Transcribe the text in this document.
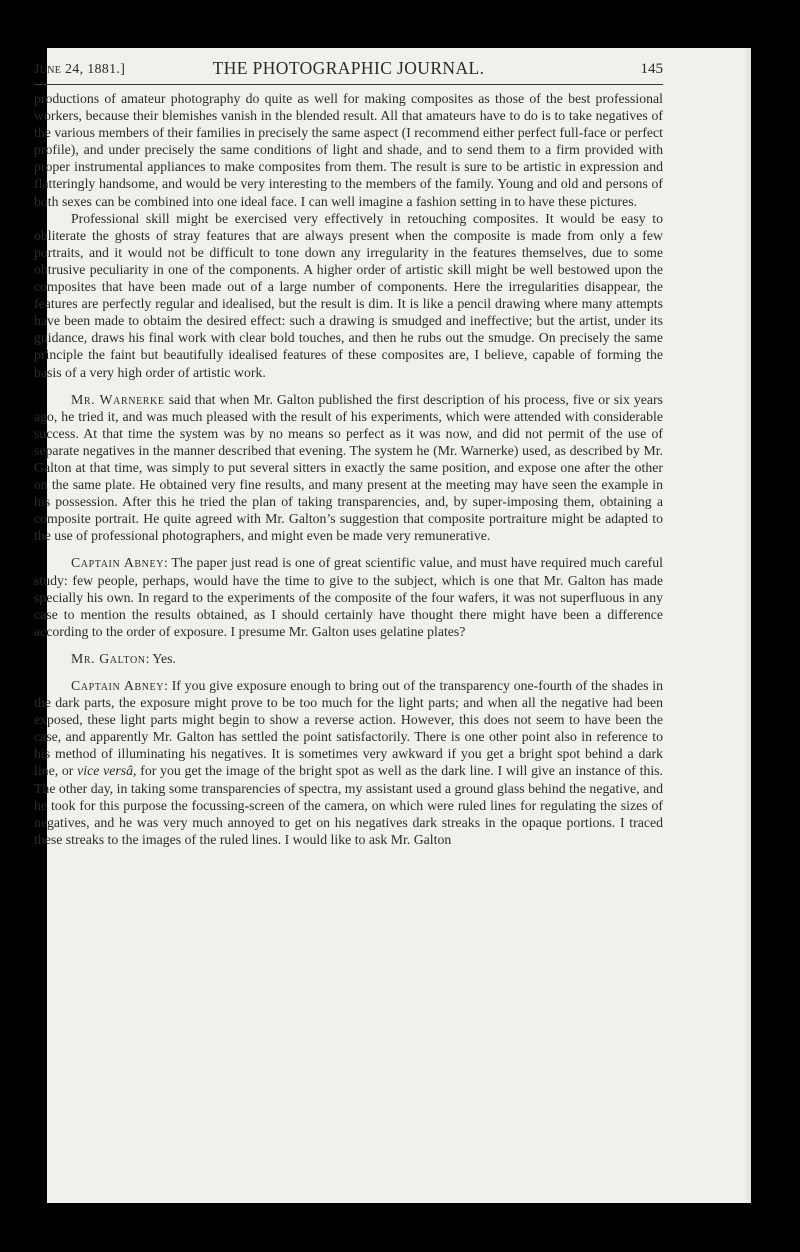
June 24, 1881.]	THE PHOTOGRAPHIC JOURNAL.	145

productions of amateur photography do quite as well for making composites as those of the best professional workers, because their blemishes vanish in the blended result. All that amateurs have to do is to take negatives of the various members of their families in precisely the same aspect (I recommend either perfect full-face or perfect profile), and under precisely the same conditions of light and shade, and to send them to a firm provided with proper instrumental appliances to make composites from them. The result is sure to be artistic in expression and flatteringly handsome, and would be very interesting to the members of the family. Young and old and persons of both sexes can be combined into one ideal face. I can well imagine a fashion setting in to have these pictures.

Professional skill might be exercised very effectively in retouching composites. It would be easy to obliterate the ghosts of stray features that are always present when the composite is made from only a few portraits, and it would not be difficult to tone down any irregularity in the features themselves, due to some obtrusive peculiarity in one of the components. A higher order of artistic skill might be well bestowed upon the composites that have been made out of a large number of components. Here the irregularities disappear, the features are perfectly regular and idealised, but the result is dim. It is like a pencil drawing where many attempts have been made to obtaim the desired effect: such a drawing is smudged and ineffective; but the artist, under its guidance, draws his final work with clear bold touches, and then he rubs out the smudge. On precisely the same principle the faint but beautifully idealised features of these composites are, I believe, capable of forming the basis of a very high order of artistic work.

Mr. Warnerke said that when Mr. Galton published the first description of his process, five or six years ago, he tried it, and was much pleased with the result of his experiments, which were attended with considerable success. At that time the system was by no means so perfect as it was now, and did not permit of the use of separate negatives in the manner described that evening. The system he (Mr. Warnerke) used, as described by Mr. Galton at that time, was simply to put several sitters in exactly the same position, and expose one after the other on the same plate. He obtained very fine results, and many present at the meeting may have seen the example in his possession. After this he tried the plan of taking transparencies, and, by super-imposing them, obtaining a composite portrait. He quite agreed with Mr. Galton’s suggestion that composite portraiture might be adapted to the use of professional photographers, and might even be made very remunerative.

Captain Abney: The paper just read is one of great scientific value, and must have required much careful study: few people, perhaps, would have the time to give to the subject, which is one that Mr. Galton has made specially his own. In regard to the experiments of the composite of the four wafers, it was not superfluous in any case to mention the results obtained, as I should certainly have thought there might have been a difference according to the order of exposure. I presume Mr. Galton uses gelatine plates?

Mr. Galton: Yes.

Captain Abney: If you give exposure enough to bring out of the transparency one-fourth of the shades in the dark parts, the exposure might prove to be too much for the light parts; and when all the negative had been exposed, these light parts might begin to show a reverse action. However, this does not seem to have been the case, and apparently Mr. Galton has settled the point satisfactorily. There is one other point also in reference to his method of illuminating his negatives. It is sometimes very awkward if you get a bright spot behind a dark line, or vice versâ, for you get the image of the bright spot as well as the dark line. I will give an instance of this. The other day, in taking some transparencies of spectra, my assistant used a ground glass behind the negative, and he took for this purpose the focussing-screen of the camera, on which were ruled lines for regulating the sizes of negatives, and he was very much annoyed to get on his negatives dark streaks in the opaque portions. I traced these streaks to the images of the ruled lines. I would like to ask Mr. Galton
